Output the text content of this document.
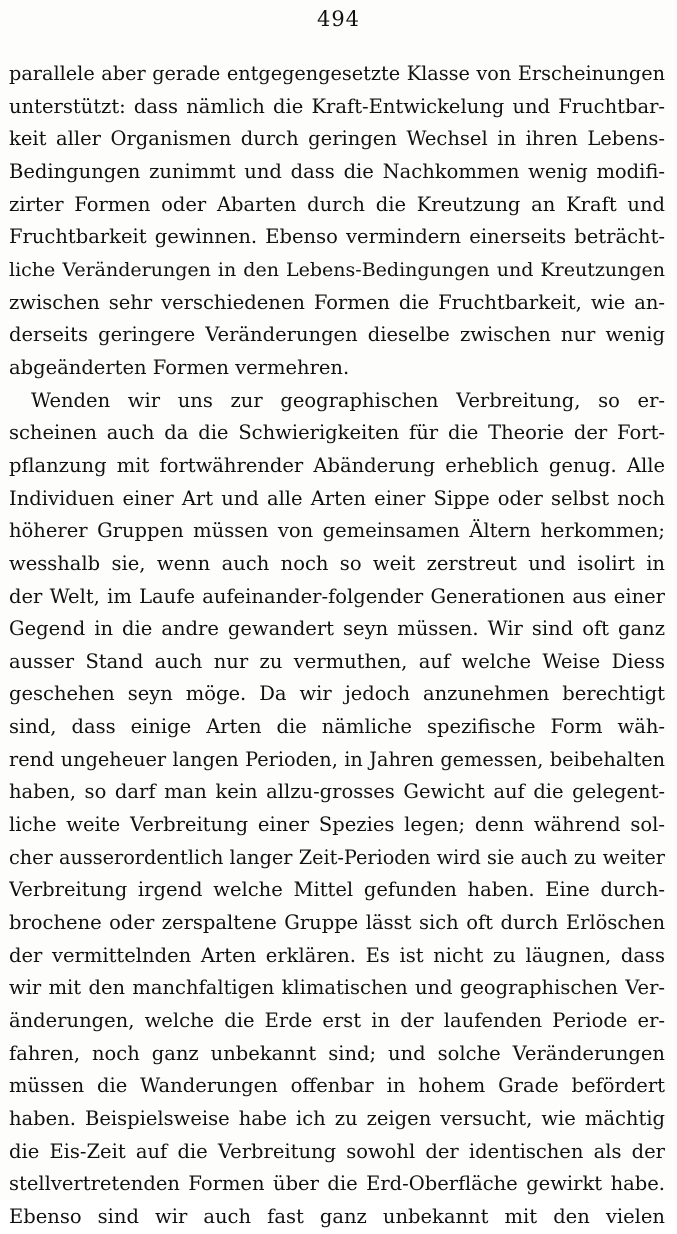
494
parallele aber gerade entgegengesetzte Klasse von Erscheinungen
unterstützt: dass nämlich die Kraft-Entwickelung und Fruchtbar-
keit aller Organismen durch geringen Wechsel in ihren Lebens-
Bedingungen zunimmt und dass die Nachkommen wenig modifi-
zirter Formen oder Abarten durch die Kreutzung an Kraft und
Fruchtbarkeit gewinnen. Ebenso vermindern einerseits beträcht-
liche Veränderungen in den Lebens-Bedingungen und Kreutzungen
zwischen sehr verschiedenen Formen die Fruchtbarkeit, wie an-
derseits geringere Veränderungen dieselbe zwischen nur wenig
abgeänderten Formen vermehren.
Wenden wir uns zur geographischen Verbreitung, so er-
scheinen auch da die Schwierigkeiten für die Theorie der Fort-
pflanzung mit fortwährender Abänderung erheblich genug. Alle
Individuen einer Art und alle Arten einer Sippe oder selbst noch
höherer Gruppen müssen von gemeinsamen Ältern herkommen;
wesshalb sie, wenn auch noch so weit zerstreut und isolirt in
der Welt, im Laufe aufeinander-folgender Generationen aus einer
Gegend in die andre gewandert seyn müssen. Wir sind oft ganz
ausser Stand auch nur zu vermuthen, auf welche Weise Diess
geschehen seyn möge. Da wir jedoch anzunehmen berechtigt
sind, dass einige Arten die nämliche spezifische Form wäh-
rend ungeheuer langen Perioden, in Jahren gemessen, beibehalten
haben, so darf man kein allzu-grosses Gewicht auf die gelegent-
liche weite Verbreitung einer Spezies legen; denn während sol-
cher ausserordentlich langer Zeit-Perioden wird sie auch zu weiter
Verbreitung irgend welche Mittel gefunden haben. Eine durch-
brochene oder zerspaltene Gruppe lässt sich oft durch Erlöschen
der vermittelnden Arten erklären. Es ist nicht zu läugnen, dass
wir mit den manchfaltigen klimatischen und geographischen Ver-
änderungen, welche die Erde erst in der laufenden Periode er-
fahren, noch ganz unbekannt sind; und solche Veränderungen
müssen die Wanderungen offenbar in hohem Grade befördert
haben. Beispielsweise habe ich zu zeigen versucht, wie mächtig
die Eis-Zeit auf die Verbreitung sowohl der identischen als der
stellvertretenden Formen über die Erd-Oberfläche gewirkt habe.
Ebenso sind wir auch fast ganz unbekannt mit den vielen
